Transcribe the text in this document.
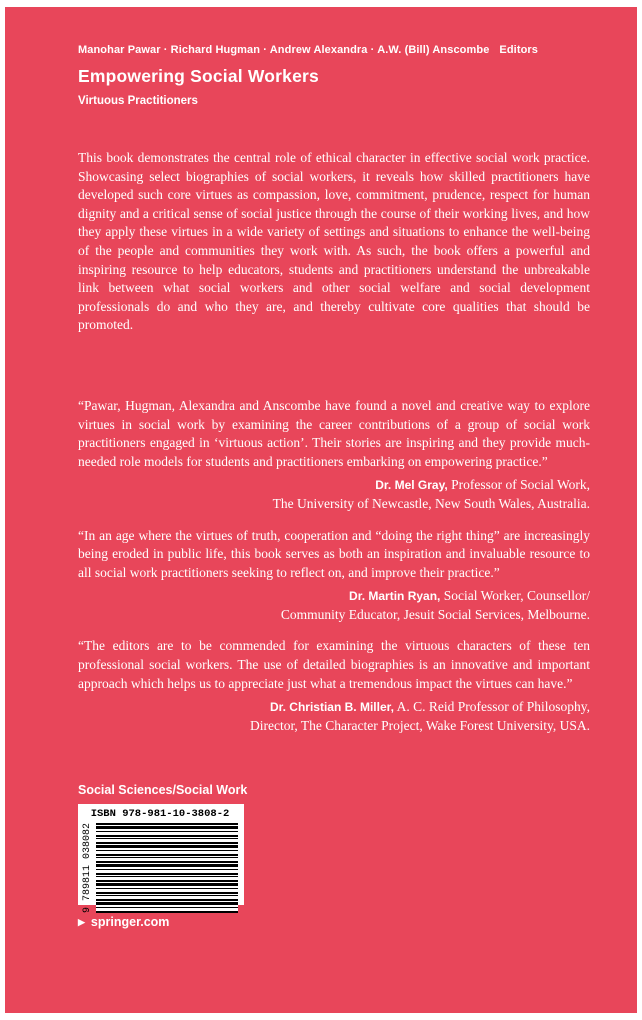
Manohar Pawar · Richard Hugman · Andrew Alexandra · A.W. (Bill) Anscombe Editors
Empowering Social Workers
Virtuous Practitioners

This book demonstrates the central role of ethical character in effective social work practice. Showcasing select biographies of social workers, it reveals how skilled practitioners have developed such core virtues as compassion, love, commitment, prudence, respect for human dignity and a critical sense of social justice through the course of their working lives, and how they apply these virtues in a wide variety of settings and situations to enhance the well-being of the people and communities they work with. As such, the book offers a powerful and inspiring resource to help educators, students and practitioners understand the unbreakable link between what social workers and other social welfare and social development professionals do and who they are, and thereby cultivate core qualities that should be promoted.

“Pawar, Hugman, Alexandra and Anscombe have found a novel and creative way to explore virtues in social work by examining the career contributions of a group of social work practitioners engaged in ‘virtuous action’. Their stories are inspiring and they provide much-needed role models for students and practitioners embarking on empowering practice.”

Dr. Mel Gray, Professor of Social Work,
The University of Newcastle, New South Wales, Australia.

“In an age where the virtues of truth, cooperation and “doing the right thing” are increasingly being eroded in public life, this book serves as both an inspiration and invaluable resource to all social work practitioners seeking to reflect on, and improve their practice.”

Dr. Martin Ryan, Social Worker, Counsellor/
Community Educator, Jesuit Social Services, Melbourne.

“The editors are to be commended for examining the virtuous characters of these ten professional social workers. The use of detailed biographies is an innovative and important approach which helps us to appreciate just what a tremendous impact the virtues can have.”

Dr. Christian B. Miller, A. C. Reid Professor of Philosophy,
Director, The Character Project, Wake Forest University, USA.
Social Sciences/Social Work
ISBN 978-981-10-3808-2
9 789811 038082
▶ springer.com
